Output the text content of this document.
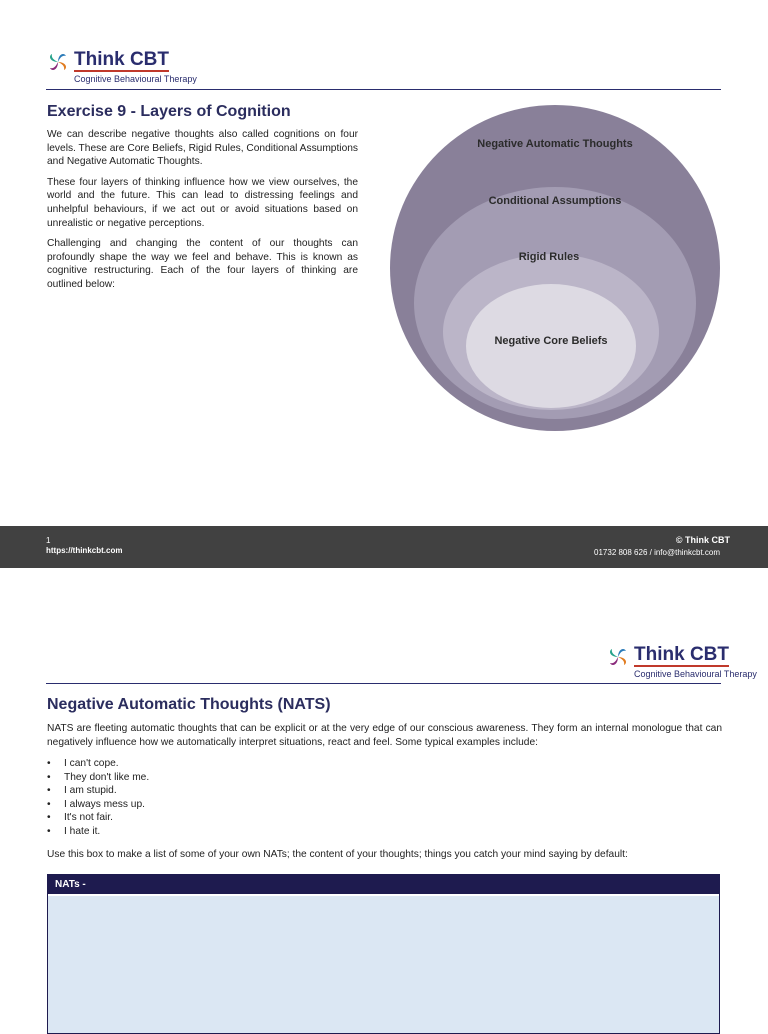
Think CBT
Cognitive Behavioural Therapy
Exercise 9 - Layers of Cognition

We can describe negative thoughts also called cognitions on four levels. These are Core Beliefs, Rigid Rules, Conditional Assumptions and Negative Automatic Thoughts.

These four layers of thinking influence how we view ourselves, the world and the future. This can lead to distressing feelings and unhelpful behaviours, if we act out or avoid situations based on unrealistic or negative perceptions.

Challenging and changing the content of our thoughts can profoundly shape the way we feel and behave. This is known as cognitive restructuring. Each of the four layers of thinking are outlined below:

Negative Automatic Thoughts
Conditional Assumptions
Rigid Rules
Negative Core Beliefs
1
https://thinkcbt.com
© Think CBT
01732 808 626 / info@thinkcbt.com
Think CBT
Cognitive Behavioural Therapy
Negative Automatic Thoughts (NATS)

NATS are fleeting automatic thoughts that can be explicit or at the very edge of our conscious awareness. They form an internal monologue that can negatively influence how we automatically interpret situations, react and feel. Some typical examples include:

• I can't cope.
• They don't like me.
• I am stupid.
• I always mess up.
• It's not fair.
• I hate it.

Use this box to make a list of some of your own NATs; the content of your thoughts; things you catch your mind saying by default:

NATs -
